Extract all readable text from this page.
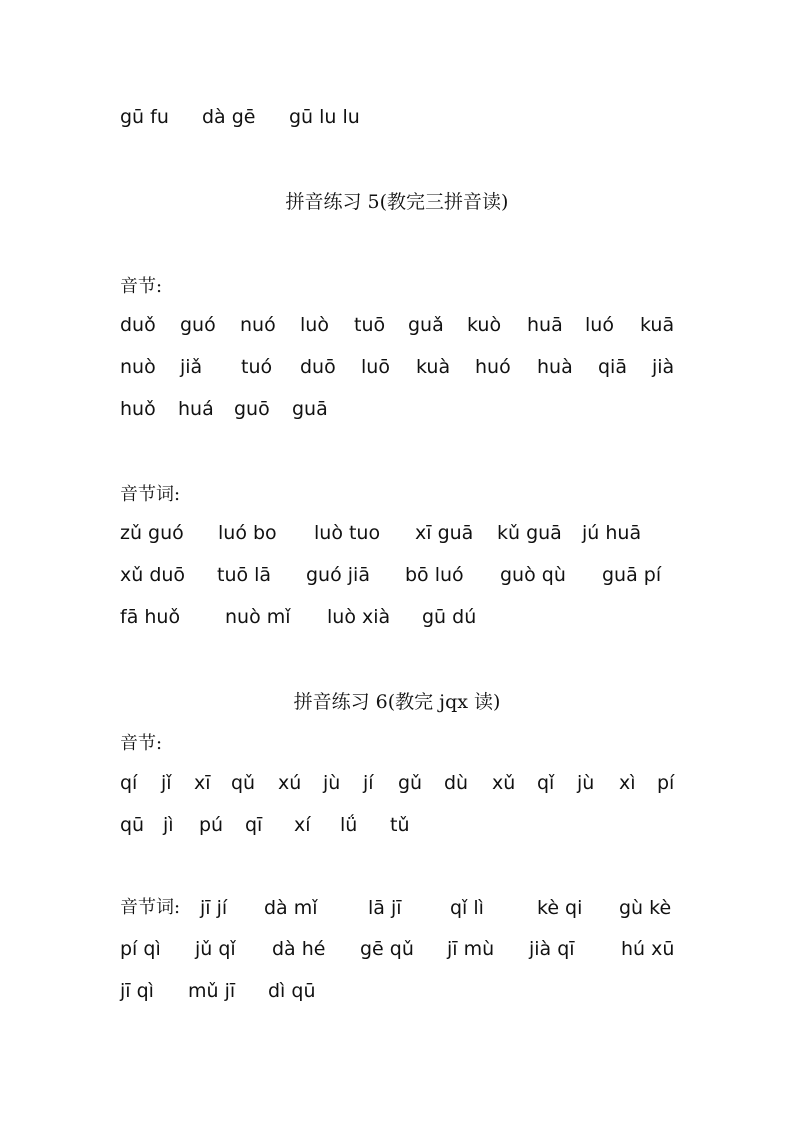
gū fu dà gē gū lu lu
拼音练习 5(教完三拼音读)
音节:
duǒ guó nuó luò tuō guǎ kuò huā luó kuā
nuò jiǎ tuó duō luō kuà huó huà qiā jià
huǒ huá guō guā
音节词:
zǔ guó luó bo luò tuo xī guā kǔ guā jú huā
xǔ duō tuō lā guó jiā bō luó guò qù guā pí
fā huǒ nuò mǐ luò xià gū dú
拼音练习 6(教完 jqx 读)
音节:
qí jǐ xī qǔ xú jù jí gǔ dù xǔ qǐ jù xì pí
qū jì pú qī xí lǘ tǔ
音节词: jī jí dà mǐ	lā jī	qǐ lì	kè qi gù kè
pí qì jǔ qǐ dà hé gē qǔ jī mù jià qī hú xū
jī qì mǔ jī dì qū
